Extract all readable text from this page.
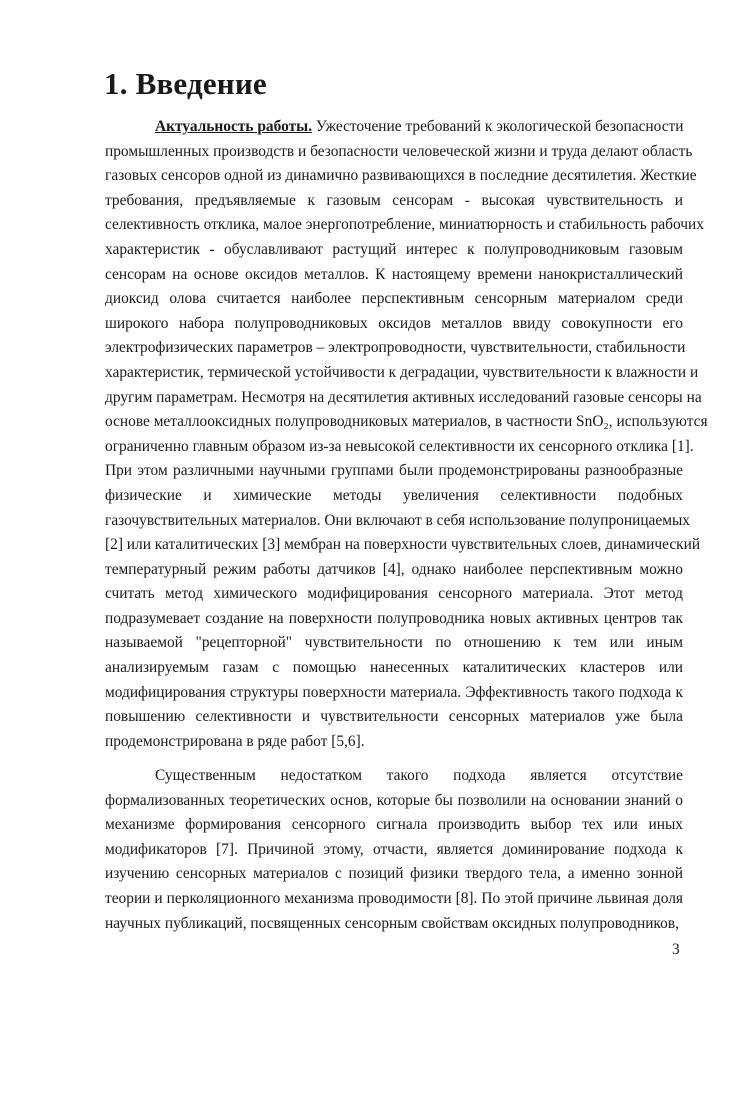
1. Введение
Актуальность работы. Ужесточение требований к экологической безопасности
промышленных производств и безопасности человеческой жизни и труда делают область
газовых сенсоров одной из динамично развивающихся в последние десятилетия. Жесткие
требования, предъявляемые к газовым сенсорам - высокая чувствительность и
селективность отклика, малое энергопотребление, миниатюрность и стабильность рабочих
характеристик - обуславливают растущий интерес к полупроводниковым газовым
сенсорам на основе оксидов металлов. К настоящему времени нанокристаллический
диоксид олова считается наиболее перспективным сенсорным материалом среди
широкого набора полупроводниковых оксидов металлов ввиду совокупности его
электрофизических параметров – электропроводности, чувствительности, стабильности
характеристик, термической устойчивости к деградации, чувствительности к влажности и
другим параметрам. Несмотря на десятилетия активных исследований газовые сенсоры на
основе металлооксидных полупроводниковых материалов, в частности SnO₂, используются
ограниченно главным образом из-за невысокой селективности их сенсорного отклика [1].
При этом различными научными группами были продемонстрированы разнообразные
физические и химические методы увеличения селективности подобных
газочувствительных материалов. Они включают в себя использование полупроницаемых
[2] или каталитических [3] мембран на поверхности чувствительных слоев, динамический
температурный режим работы датчиков [4], однако наиболее перспективным можно
считать метод химического модифицирования сенсорного материала. Этот метод
подразумевает создание на поверхности полупроводника новых активных центров так
называемой "рецепторной" чувствительности по отношению к тем или иным
анализируемым газам с помощью нанесенных каталитических кластеров или
модифицирования структуры поверхности материала. Эффективность такого подхода к
повышению селективности и чувствительности сенсорных материалов уже была
продемонстрирована в ряде работ [5,6].
Существенным недостатком такого подхода является отсутствие
формализованных теоретических основ, которые бы позволили на основании знаний о
механизме формирования сенсорного сигнала производить выбор тех или иных
модификаторов [7]. Причиной этому, отчасти, является доминирование подхода к
изучению сенсорных материалов с позиций физики твердого тела, а именно зонной
теории и перколяционного механизма проводимости [8]. По этой причине львиная доля
научных публикаций, посвященных сенсорным свойствам оксидных полупроводников,
3
